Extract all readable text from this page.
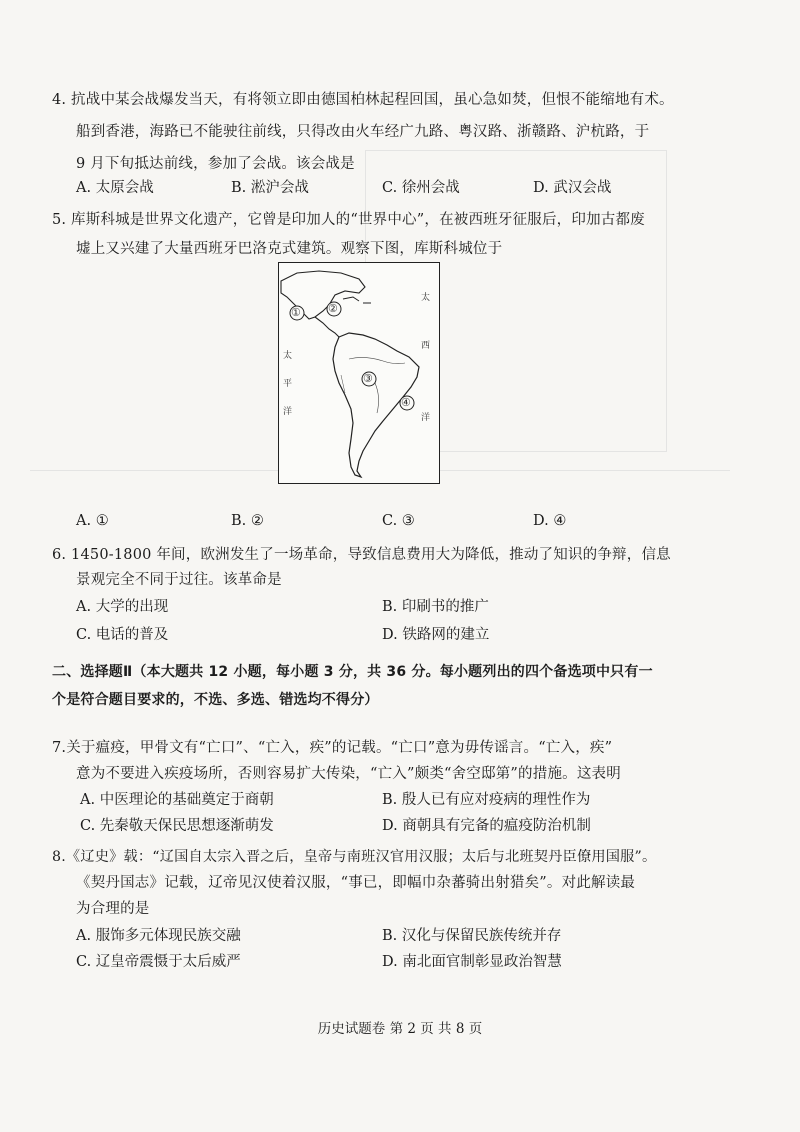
4. 抗战中某会战爆发当天，有将领立即由德国柏林起程回国，虽心急如焚，但恨不能缩地有术。
船到香港，海路已不能驶往前线，只得改由火车经广九路、粤汉路、浙赣路、沪杭路，于
9 月下旬抵达前线，参加了会战。该会战是
A. 太原会战	B. 淞沪会战	C. 徐州会战	D. 武汉会战
5. 库斯科城是世界文化遗产，它曾是印加人的“世界中心”，在被西班牙征服后，印加古都废
墟上又兴建了大量西班牙巴洛克式建筑。观察下图，库斯科城位于
① ②
③
④
太
西
洋
太
平
洋
A. ①	B. ②	C. ③	D. ④
6. 1450-1800 年间，欧洲发生了一场革命，导致信息费用大为降低，推动了知识的争辩，信息
景观完全不同于过往。该革命是
A. 大学的出现	B. 印刷书的推广
C. 电话的普及	D. 铁路网的建立
二、选择题Ⅱ（本大题共 12 小题，每小题 3 分，共 36 分。每小题列出的四个备选项中只有一
个是符合题目要求的，不选、多选、错选均不得分）
7.关于瘟疫，甲骨文有“亡口”、“亡入，疾”的记载。“亡口”意为毋传谣言。“亡入，疾”
意为不要进入疾疫场所，否则容易扩大传染，“亡入”颇类“舍空邸第”的措施。这表明
A. 中医理论的基础奠定于商朝	B. 殷人已有应对疫病的理性作为
C. 先秦敬天保民思想逐渐萌发	D. 商朝具有完备的瘟疫防治机制
8.《辽史》载：“辽国自太宗入晋之后，皇帝与南班汉官用汉服；太后与北班契丹臣僚用国服”。
《契丹国志》记载，辽帝见汉使着汉服，“事已，即幅巾杂蕃骑出射猎矣”。对此解读最
为合理的是
A. 服饰多元体现民族交融	B. 汉化与保留民族传统并存
C. 辽皇帝震慑于太后威严	D. 南北面官制彰显政治智慧
历史试题卷 第 2 页 共 8 页
